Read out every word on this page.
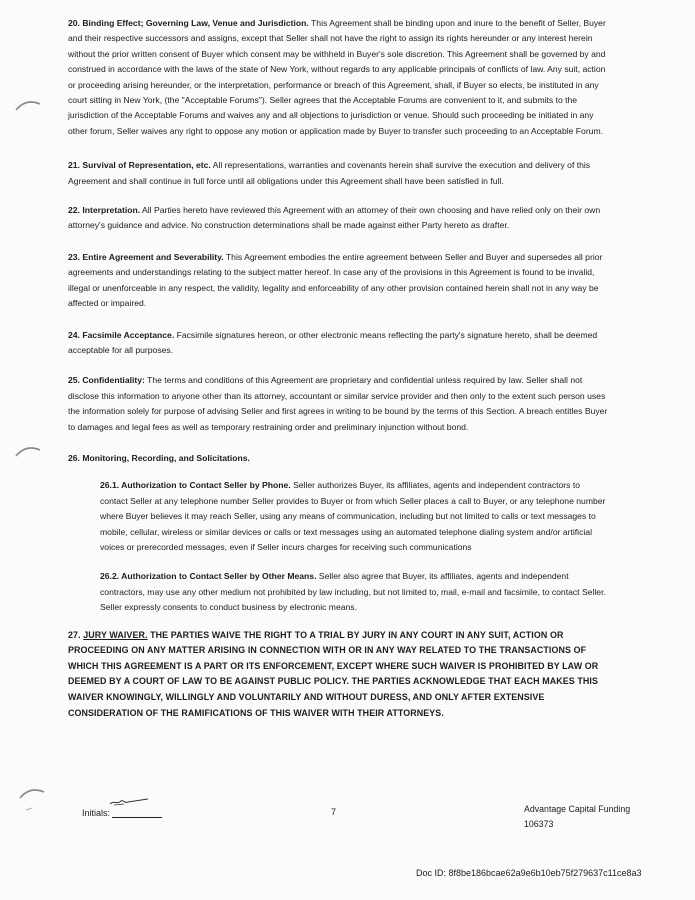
20. Binding Effect; Governing Law, Venue and Jurisdiction. This Agreement shall be binding upon and inure to the benefit of Seller, Buyer and their respective successors and assigns, except that Seller shall not have the right to assign its rights hereunder or any interest herein without the prior written consent of Buyer which consent may be withheld in Buyer's sole discretion. This Agreement shall be governed by and construed in accordance with the laws of the state of New York, without regards to any applicable principals of conflicts of law. Any suit, action or proceeding arising hereunder, or the interpretation, performance or breach of this Agreement, shall, if Buyer so elects, be instituted in any court sitting in New York, (the "Acceptable Forums"). Seller agrees that the Acceptable Forums are convenient to it, and submits to the jurisdiction of the Acceptable Forums and waives any and all objections to jurisdiction or venue. Should such proceeding be initiated in any other forum, Seller waives any right to oppose any motion or application made by Buyer to transfer such proceeding to an Acceptable Forum.

21. Survival of Representation, etc. All representations, warranties and covenants herein shall survive the execution and delivery of this Agreement and shall continue in full force until all obligations under this Agreement shall have been satisfied in full.

22. Interpretation. All Parties hereto have reviewed this Agreement with an attorney of their own choosing and have relied only on their own attorney's guidance and advice. No construction determinations shall be made against either Party hereto as drafter.

23. Entire Agreement and Severability. This Agreement embodies the entire agreement between Seller and Buyer and supersedes all prior agreements and understandings relating to the subject matter hereof. In case any of the provisions in this Agreement is found to be invalid, illegal or unenforceable in any respect, the validity, legality and enforceability of any other provision contained herein shall not in any way be affected or impaired.

24. Facsimile Acceptance. Facsimile signatures hereon, or other electronic means reflecting the party's signature hereto, shall be deemed acceptable for all purposes.

25. Confidentiality: The terms and conditions of this Agreement are proprietary and confidential unless required by law. Seller shall not disclose this information to anyone other than its attorney, accountant or similar service provider and then only to the extent such person uses the information solely for purpose of advising Seller and first agrees in writing to be bound by the terms of this Section. A breach entitles Buyer to damages and legal fees as well as temporary restraining order and preliminary injunction without bond.

26. Monitoring, Recording, and Solicitations.

26.1. Authorization to Contact Seller by Phone. Seller authorizes Buyer, its affiliates, agents and independent contractors to contact Seller at any telephone number Seller provides to Buyer or from which Seller places a call to Buyer, or any telephone number where Buyer believes it may reach Seller, using any means of communication, including but not limited to calls or text messages to mobile, cellular, wireless or similar devices or calls or text messages using an automated telephone dialing system and/or artificial voices or prerecorded messages, even if Seller incurs charges for receiving such communications

26.2. Authorization to Contact Seller by Other Means. Seller also agree that Buyer, its affiliates, agents and independent contractors, may use any other medium not prohibited by law including, but not limited to, mail, e-mail and facsimile, to contact Seller. Seller expressly consents to conduct business by electronic means.

27. JURY WAIVER. THE PARTIES WAIVE THE RIGHT TO A TRIAL BY JURY IN ANY COURT IN ANY SUIT, ACTION OR PROCEEDING ON ANY MATTER ARISING IN CONNECTION WITH OR IN ANY WAY RELATED TO THE TRANSACTIONS OF WHICH THIS AGREEMENT IS A PART OR ITS ENFORCEMENT, EXCEPT WHERE SUCH WAIVER IS PROHIBITED BY LAW OR DEEMED BY A COURT OF LAW TO BE AGAINST PUBLIC POLICY. THE PARTIES ACKNOWLEDGE THAT EACH MAKES THIS WAIVER KNOWINGLY, WILLINGLY AND VOLUNTARILY AND WITHOUT DURESS, AND ONLY AFTER EXTENSIVE CONSIDERATION OF THE RAMIFICATIONS OF THIS WAIVER WITH THEIR ATTORNEYS.

Initials:	7	Advantage Capital Funding
106373
Doc ID: 8f8be186bcae62a9e6b10eb75f279637c11ce8a3
